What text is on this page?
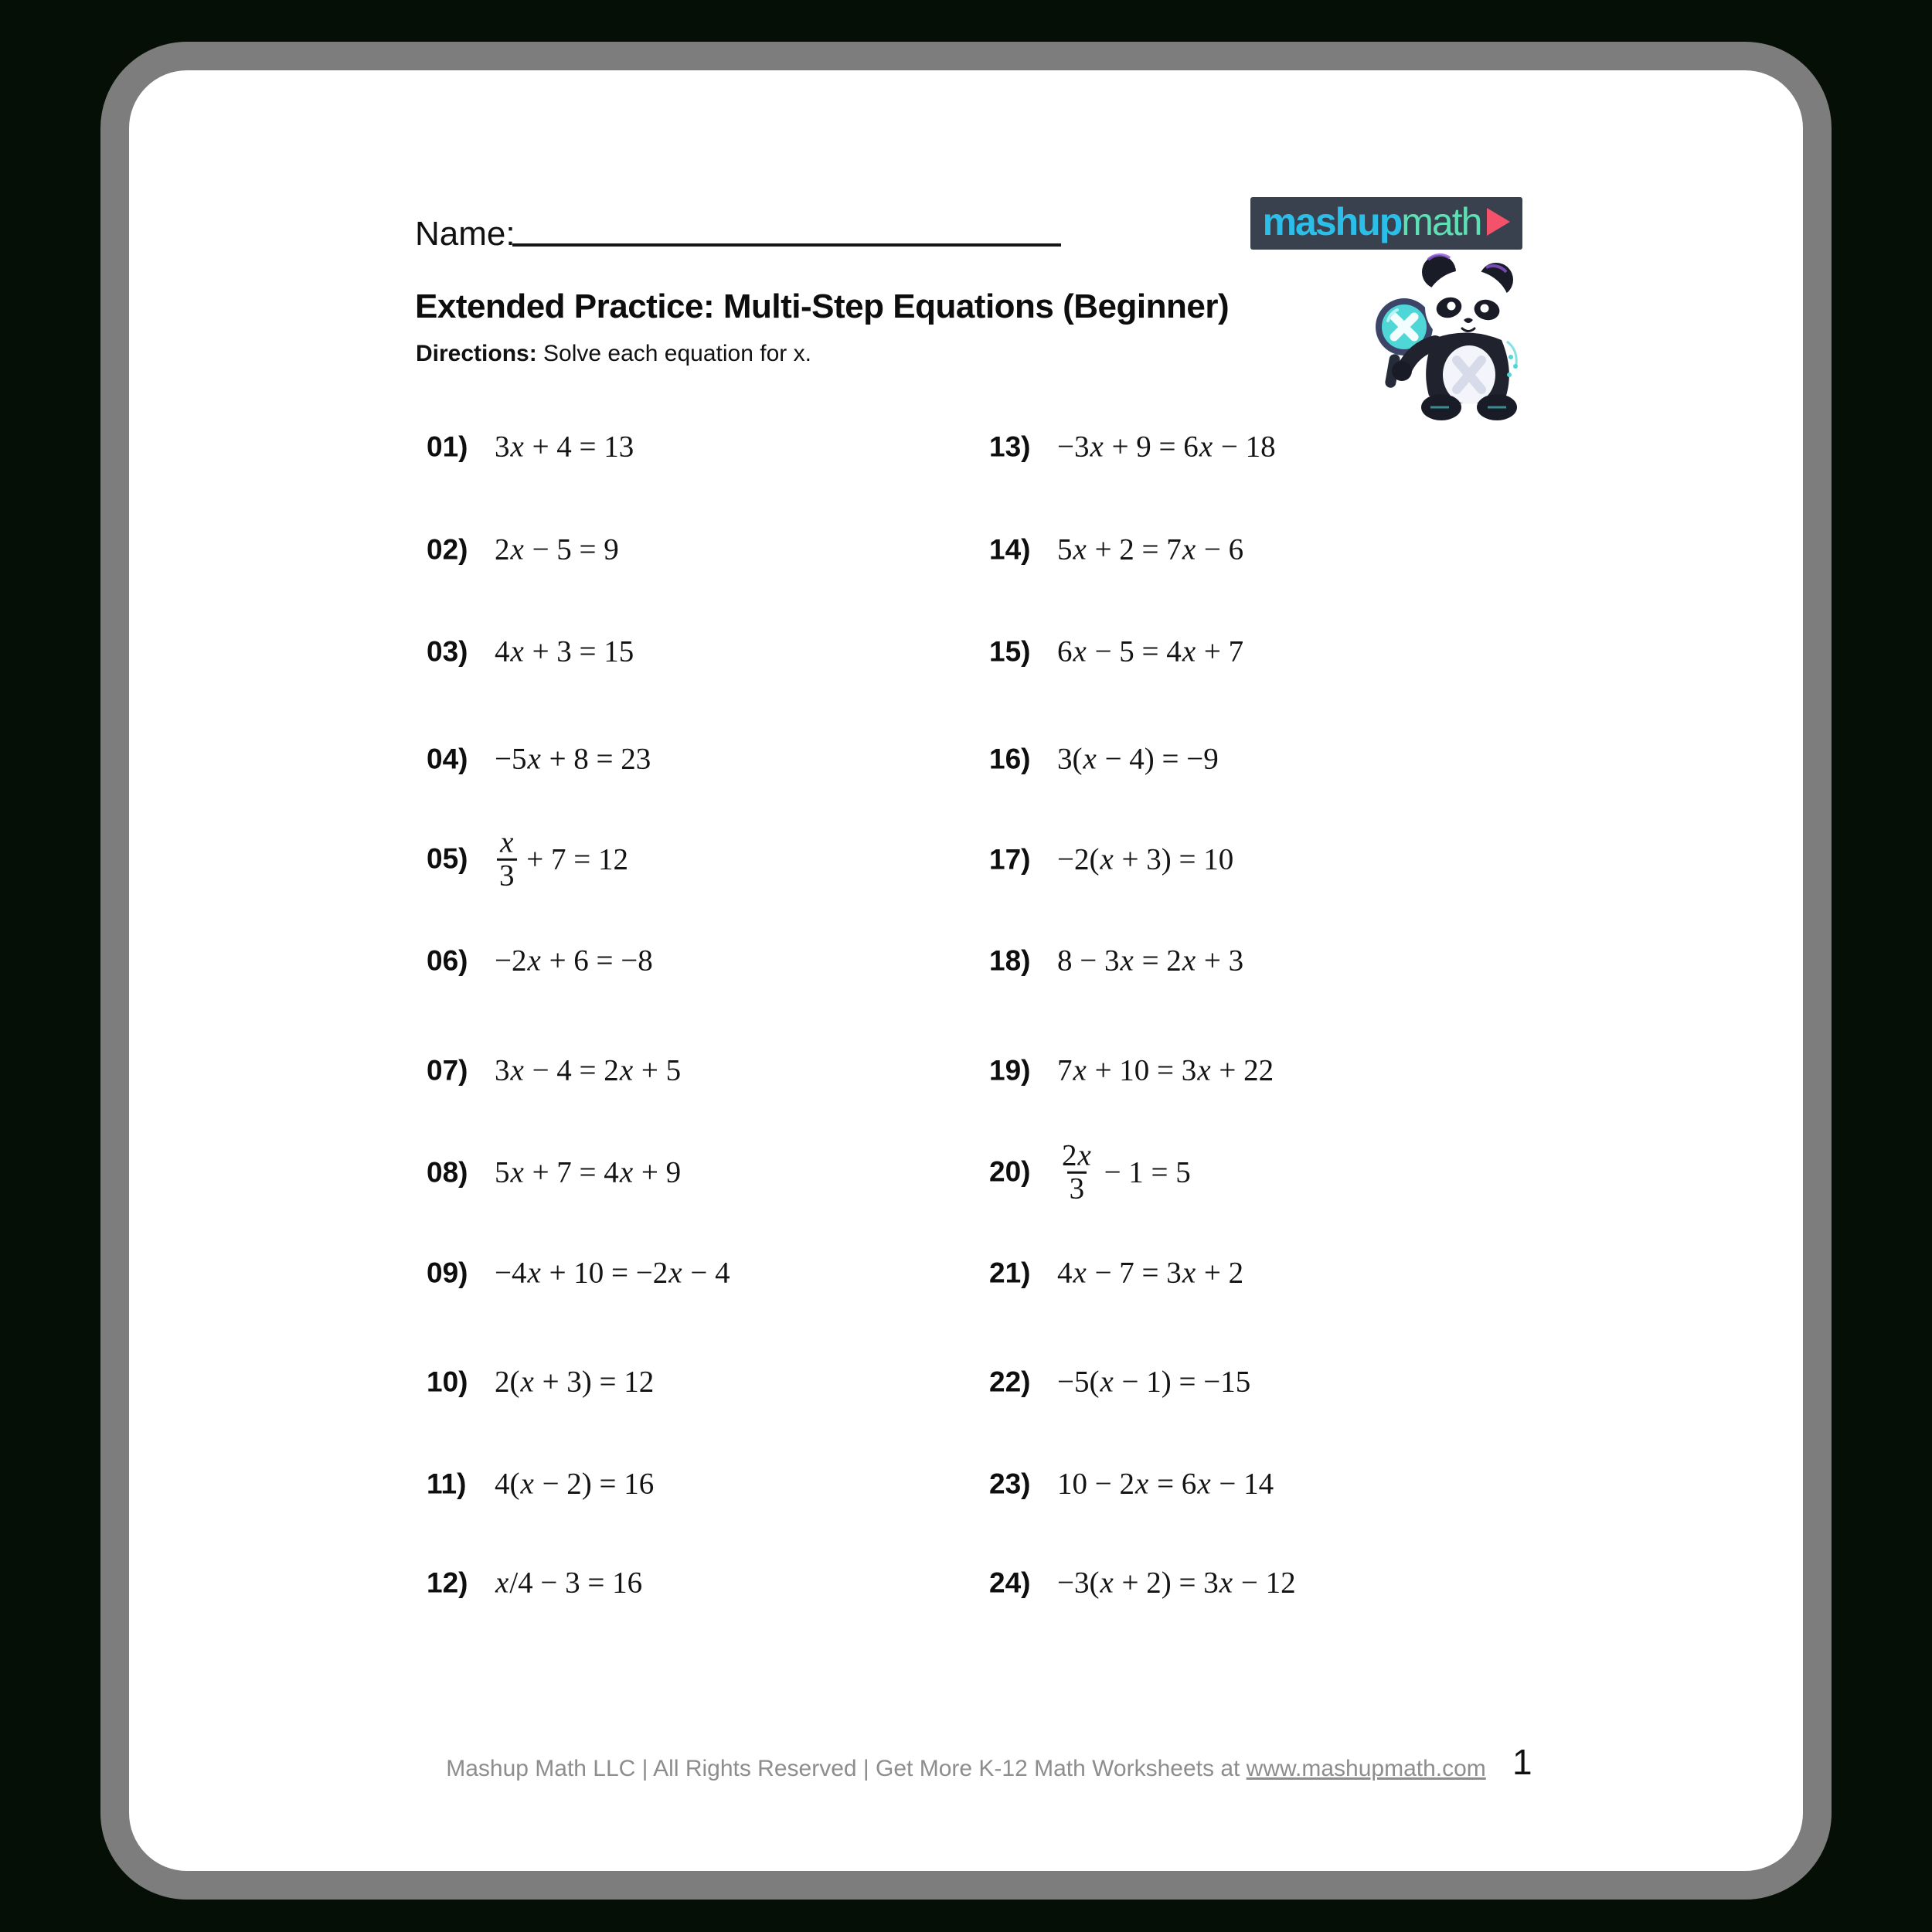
Name:	mashup math
Extended Practice: Multi-Step Equations (Beginner)

Directions: Solve each equation for x.

01) 3x + 4 = 13
02) 2x − 5 = 9
03) 4x + 3 = 15
04) −5x + 8 = 23
$05) \frac{x}{3} + 7 = 12$
06) −2x + 6 = −8
07) 3x − 4 = 2x + 5
08) 5x + 7 = 4x + 9
09) −4x + 10 = −2x − 4
10) 2(x + 3) = 12
11) 4(x − 2) = 16
12) x/4 − 3 = 16
13) −3x + 9 = 6x − 18
14) 5x + 2 = 7x − 6
15) 6x − 5 = 4x + 7
16) 3(x − 4) = −9
17) −2(x + 3) = 10
18) 8 − 3x = 2x + 3
19) 7x + 10 = 3x + 22
$20) \frac{2x}{3} - 1 = 5$
21) 4x − 7 = 3x + 2
22) −5(x − 1) = −15
23) 10 − 2x = 6x − 14
24) −3(x + 2) = 3x − 12
Mashup Math LLC | All Rights Reserved | Get More K-12 Math Worksheets at www.mashupmath.com 1
